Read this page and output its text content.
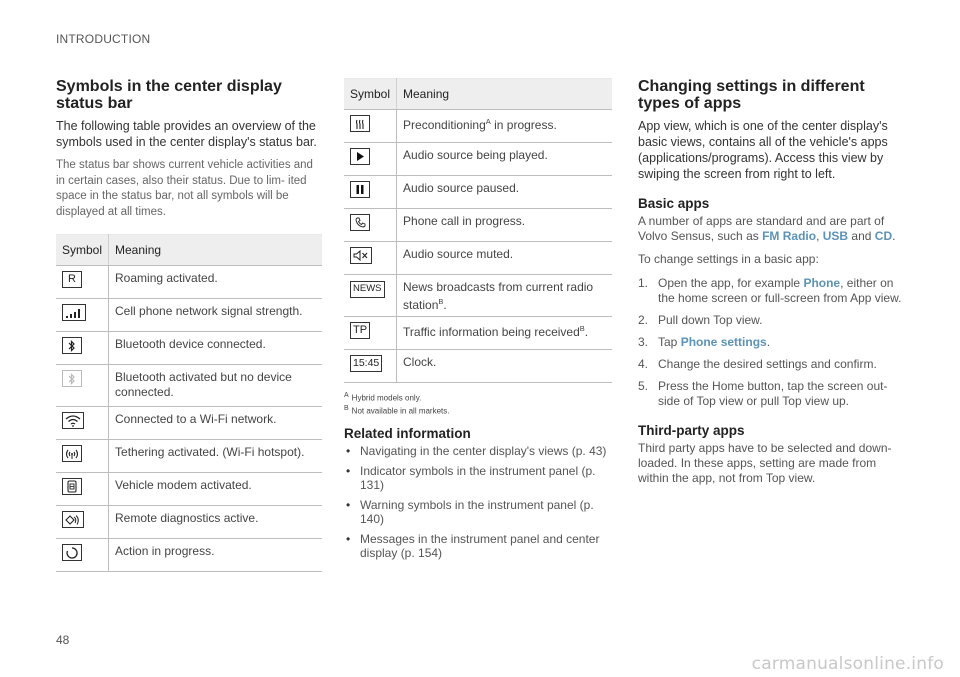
INTRODUCTION
Symbols in the center display status bar

The following table provides an overview of the symbols used in the center display's status bar.

The status bar shows current vehicle activities and in certain cases, also their status. Due to lim- ited space in the status bar, not all symbols will be displayed at all times.

Symbol	Meaning
R	Roaming activated.

	Cell phone network signal strength.

	Bluetooth device connected.

	Bluetooth activated but no device connected.

	Connected to a Wi-Fi network.

	Tethering activated. (Wi-Fi hotspot).

	Vehicle modem activated.

	Remote diagnostics active.

	Action in progress.
Symbol	Meaning

	Preconditioning$^A$ in progress.

	Audio source being played.

	Audio source paused.

	Phone call in progress.

	Audio source muted.
NEWS	News broadcasts from current radio station$^B$.
TP	Traffic information being received$^B$.
15:45	Clock.
$^A$ Hybrid models only.
$^B$ Not available in all markets.
Related information
• Navigating in the center display's views (p. 43)
• Indicator symbols in the instrument panel (p. 131)
• Warning symbols in the instrument panel (p. 140)
• Messages in the instrument panel and center display (p. 154)
Changing settings in different types of apps

App view, which is one of the center display's basic views, contains all of the vehicle's apps (applications/programs). Access this view by swiping the screen from right to left.

Basic apps

A number of apps are standard and are part of Volvo Sensus, such as FM Radio, USB and CD.

To change settings in a basic app:

1. Open the app, for example Phone, either on the home screen or full-screen from App view.
2. Pull down Top view.
3. Tap Phone settings.
4. Change the desired settings and confirm.
5. Press the Home button, tap the screen out- side of Top view or pull Top view up.
Third-party apps

Third party apps have to be selected and down- loaded. In these apps, setting are made from within the app, not from Top view.

48
carmanualsonline.info
